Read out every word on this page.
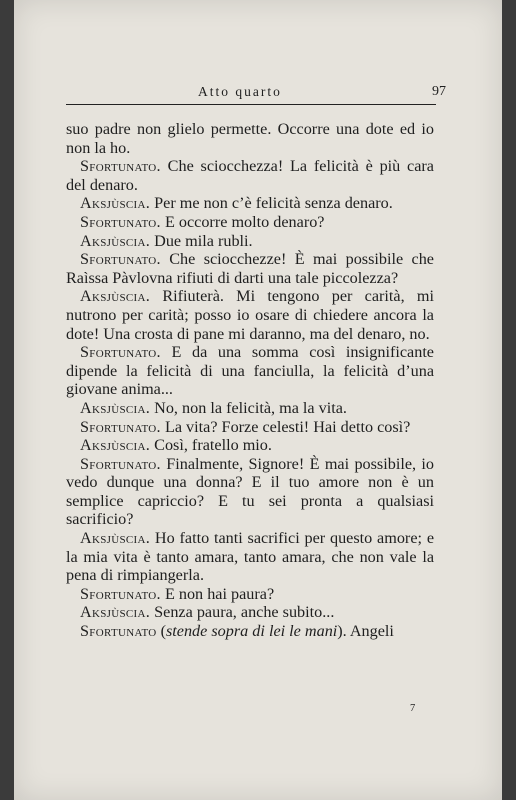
Atto quarto	97

suo padre non glielo permette. Occorre una dote ed io non la ho.

Sfortunato. Che sciocchezza! La felicità è più cara del denaro.

Aksjùscia. Per me non c’è felicità senza denaro.

Sfortunato. E occorre molto denaro?

Aksjùscia. Due mila rubli.

Sfortunato. Che sciocchezze! È mai possibile che Raìssa Pàvlovna rifiuti di darti una tale piccolezza?

Aksjùscia. Rifiuterà. Mi tengono per carità, mi nutrono per carità; posso io osare di chiedere ancora la dote! Una crosta di pane mi daranno, ma del denaro, no.

Sfortunato. E da una somma così insignificante dipende la felicità di una fanciulla, la felicità d’una giovane anima...

Aksjùscia. No, non la felicità, ma la vita.

Sfortunato. La vita? Forze celesti! Hai detto così?

Aksjùscia. Così, fratello mio.

Sfortunato. Finalmente, Signore! È mai possibile, io vedo dunque una donna? E il tuo amore non è un semplice capriccio? E tu sei pronta a qualsiasi sacrificio?

Aksjùscia. Ho fatto tanti sacrifici per questo amore; e la mia vita è tanto amara, tanto amara, che non vale la pena di rimpiangerla.

Sfortunato. E non hai paura?

Aksjùscia. Senza paura, anche subito...

Sfortunato (stende sopra di lei le mani). Angeli

7
